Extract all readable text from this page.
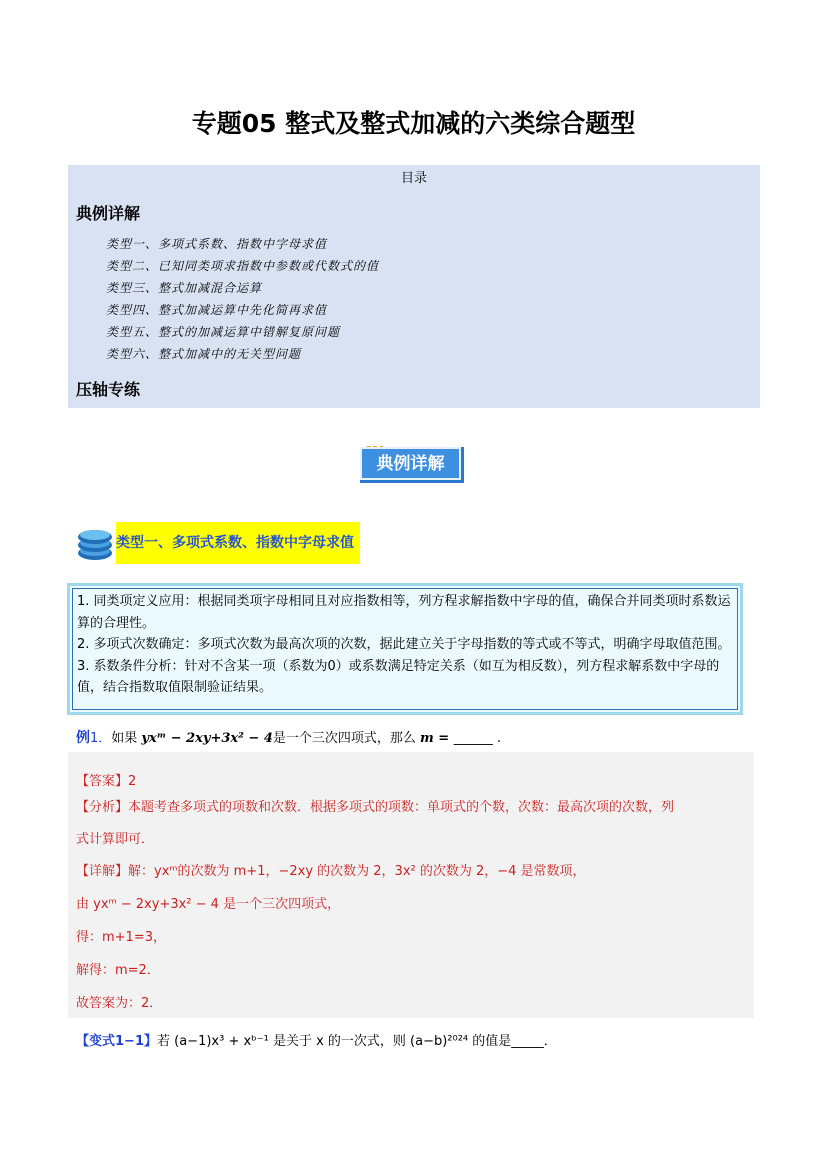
专题05 整式及整式加减的六类综合题型
目录
典例详解
类型一、多项式系数、指数中字母求值
类型二、已知同类项求指数中参数或代数式的值
类型三、整式加减混合运算
类型四、整式加减运算中先化简再求值
类型五、整式的加减运算中错解复原问题
类型六、整式加减中的无关型问题
压轴专练
典例详解
类型一、多项式系数、指数中字母求值
1. 同类项定义应用：根据同类项字母相同且对应指数相等，列方程求解指数中字母的值，确保合并同类项时系数运算的合理性。
2. 多项式次数确定：多项式次数为最高次项的次数，据此建立关于字母指数的等式或不等式，明确字母取值范围。
3. 系数条件分析：针对不含某一项（系数为0）或系数满足特定关系（如互为相反数），列方程求解系数中字母的值，结合指数取值限制验证结果。
例1．如果 yxᵐ − 2xy+3x² − 4是一个三次四项式，那么 m = ______ .
【答案】2
【分析】本题考查多项式的项数和次数．根据多项式的项数：单项式的个数，次数：最高次项的次数，列
式计算即可．
【详解】解：yxᵐ的次数为 m+1，−2xy 的次数为 2，3x² 的次数为 2，−4 是常数项，
由 yxᵐ − 2xy+3x² − 4 是一个三次四项式，
得：m+1=3，
解得：m=2．
故答案为：2．
【变式1−1】若 (a−1)x³ + xᵇ⁻¹ 是关于 x 的一次式，则 (a−b)²⁰²⁴ 的值是_____．
